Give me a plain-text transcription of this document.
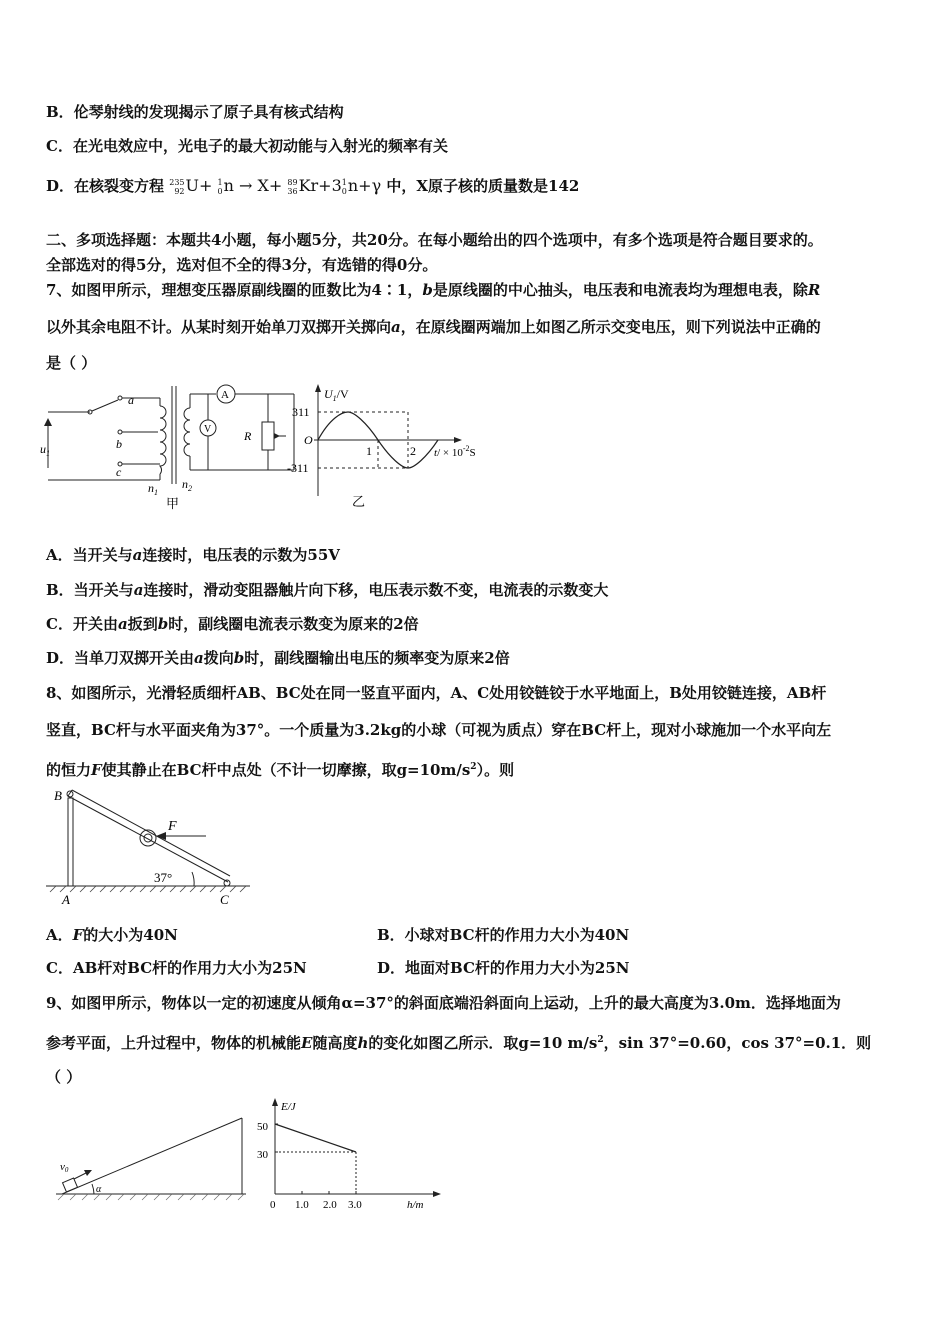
B．伦琴射线的发现揭示了原子具有核式结构
C．在光电效应中，光电子的最大初动能与入射光的频率有关
D．在核裂变方程 235
92 U+ 1
0 n → X+ 89
36 Kr+3 1
0 n+γ 中，X原子核的质量数是142
二、多项选择题：本题共4小题，每小题5分，共20分。在每小题给出的四个选项中，有多个选项是符合题目要求的。
全部选对的得5分，选对但不全的得3分，有选错的得0分。
7、如图甲所示，理想变压器原副线圈的匝数比为4∶1，b是原线圈的中心抽头，电压表和电流表均为理想电表，除R
以外其余电阻不计。从某时刻开始单刀双掷开关掷向a，在原线圈两端加上如图乙所示交变电压，则下列说法中正确的
是（ ）
a
b
c
$u_1$
$n_1$
$n_2$
A
V	R
甲
$U_1/V$
311
-311
O
1	2 $t/ \times 10^{-2}S$
乙
A．当开关与a连接时，电压表的示数为55V
B．当开关与a连接时，滑动变阻器触片向下移，电压表示数不变，电流表的示数变大
C．开关由a扳到b时，副线圈电流表示数变为原来的2倍
D．当单刀双掷开关由a拨向b时，副线圈输出电压的频率变为原来2倍
8、如图所示，光滑轻质细杆AB、BC处在同一竖直平面内，A、C处用铰链铰于水平地面上，B处用铰链连接，AB杆
竖直，BC杆与水平面夹角为37°。一个质量为3.2kg的小球（可视为质点）穿在BC杆上，现对小球施加一个水平向左
的恒力F使其静止在BC杆中点处（不计一切摩擦，取$g=10m/s^2$）。则
B
A	C
F
37°
A．F的大小为40N	B．小球对BC杆的作用力大小为40N
C．AB杆对BC杆的作用力大小为25N	D．地面对BC杆的作用力大小为25N
9、如图甲所示，物体以一定的初速度从倾角α=37°的斜面底端沿斜面向上运动，上升的最大高度为3.0m．选择地面为
参考平面，上升过程中，物体的机械能E随高度h的变化如图乙所示．取g=10 $m/s^2$，sin 37°=0.60，cos 37°=0.1．则
（ ）
v0
α
E/J
50
30
0 1.0 2.0 3.0	h/m
